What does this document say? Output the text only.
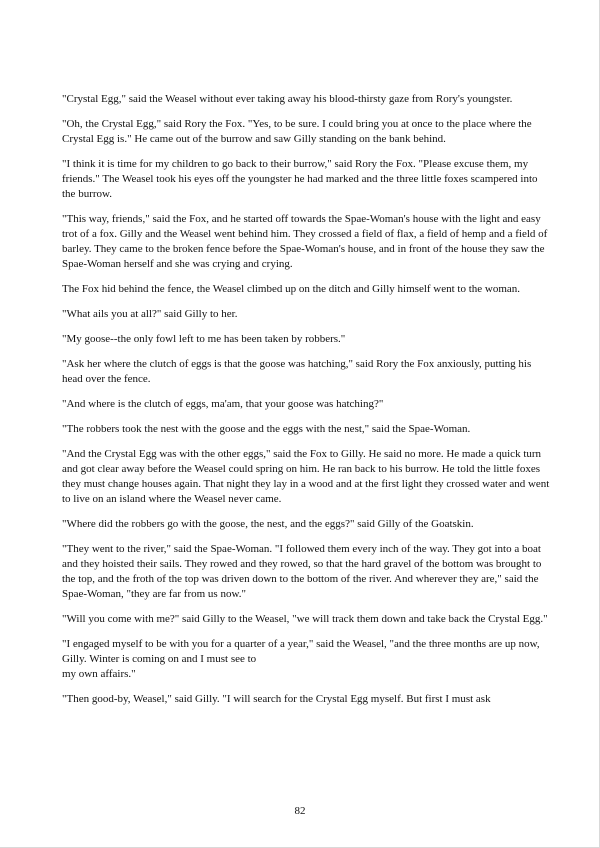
"Crystal Egg," said the Weasel without ever taking away his blood-thirsty gaze from Rory's youngster.

"Oh, the Crystal Egg," said Rory the Fox. "Yes, to be sure. I could bring you at once to the place where the Crystal Egg is." He came out of the burrow and saw Gilly standing on the bank behind.

"I think it is time for my children to go back to their burrow," said Rory the Fox. "Please excuse them, my friends." The Weasel took his eyes off the youngster he had marked and the three little foxes scampered into the burrow.

"This way, friends," said the Fox, and he started off towards the Spae-Woman's house with the light and easy trot of a fox. Gilly and the Weasel went behind him. They crossed a field of flax, a field of hemp and a field of barley. They came to the broken fence before the Spae-Woman's house, and in front of the house they saw the Spae-Woman herself and she was crying and crying.

The Fox hid behind the fence, the Weasel climbed up on the ditch and Gilly himself went to the woman.

"What ails you at all?" said Gilly to her.

"My goose--the only fowl left to me has been taken by robbers."

"Ask her where the clutch of eggs is that the goose was hatching," said Rory the Fox anxiously, putting his head over the fence.

"And where is the clutch of eggs, ma'am, that your goose was hatching?"

"The robbers took the nest with the goose and the eggs with the nest," said the Spae-Woman.

"And the Crystal Egg was with the other eggs," said the Fox to Gilly. He said no more. He made a quick turn and got clear away before the Weasel could spring on him. He ran back to his burrow. He told the little foxes they must change houses again. That night they lay in a wood and at the first light they crossed water and went to live on an island where the Weasel never came.

"Where did the robbers go with the goose, the nest, and the eggs?" said Gilly of the Goatskin.

"They went to the river," said the Spae-Woman. "I followed them every inch of the way. They got into a boat and they hoisted their sails. They rowed and they rowed, so that the hard gravel of the bottom was brought to the top, and the froth of the top was driven down to the bottom of the river. And wherever they are," said the Spae-Woman, "they are far from us now."

"Will you come with me?" said Gilly to the Weasel, "we will track them down and take back the Crystal Egg."

"I engaged myself to be with you for a quarter of a year," said the Weasel, "and the three months are up now, Gilly. Winter is coming on and I must see to
my own affairs."

"Then good-by, Weasel," said Gilly. "I will search for the Crystal Egg myself. But first I must ask

82
